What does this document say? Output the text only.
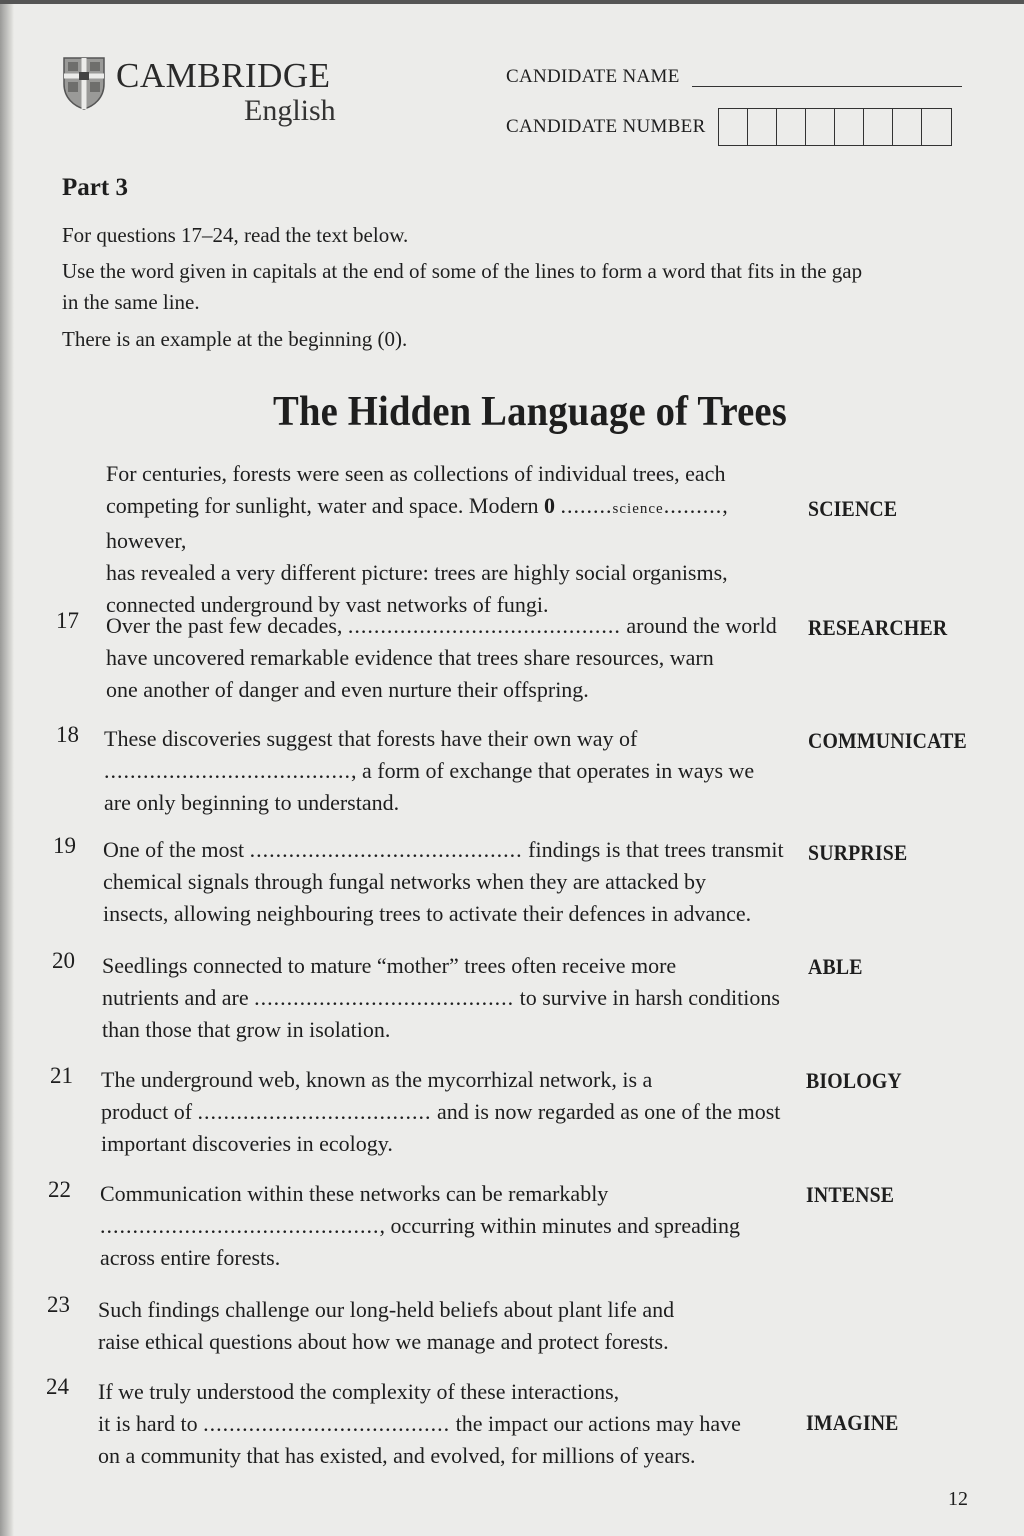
CAMBRIDGE
English
CANDIDATE NAME
CANDIDATE NUMBER
Part 3
For questions 17–24, read the text below.
Use the word given in capitals at the end of some of the lines to form a word that fits in the gap in the same line.
There is an example at the beginning (0).
The Hidden Language of Trees
For centuries, forests were seen as collections of individual trees, each
competing for sunlight, water and space. Modern 0 ........science........., however,
has revealed a very different picture: trees are highly social organisms,
connected underground by vast networks of fungi.
SCIENCE
17 Over the past few decades, .......................................... around the world
have uncovered remarkable evidence that trees share resources, warn
one another of danger and even nurture their offspring.
RESEARCHER
18 These discoveries suggest that forests have their own way of
......................................, a form of exchange that operates in ways we
are only beginning to understand.
COMMUNICATE
19 One of the most .......................................... findings is that trees transmit
chemical signals through fungal networks when they are attacked by
insects, allowing neighbouring trees to activate their defences in advance.
SURPRISE
20 Seedlings connected to mature “mother” trees often receive more
nutrients and are ........................................ to survive in harsh conditions
than those that grow in isolation.
ABLE
21 The underground web, known as the mycorrhizal network, is a
product of .................................... and is now regarded as one of the most
important discoveries in ecology.
BIOLOGY
22 Communication within these networks can be remarkably
..........................................., occurring within minutes and spreading
across entire forests.
INTENSE
23 Such findings challenge our long-held beliefs about plant life and
raise ethical questions about how we manage and protect forests.
24 If we truly understood the complexity of these interactions,
it is hard to ...................................... the impact our actions may have
on a community that has existed, and evolved, for millions of years.
IMAGINE
12
